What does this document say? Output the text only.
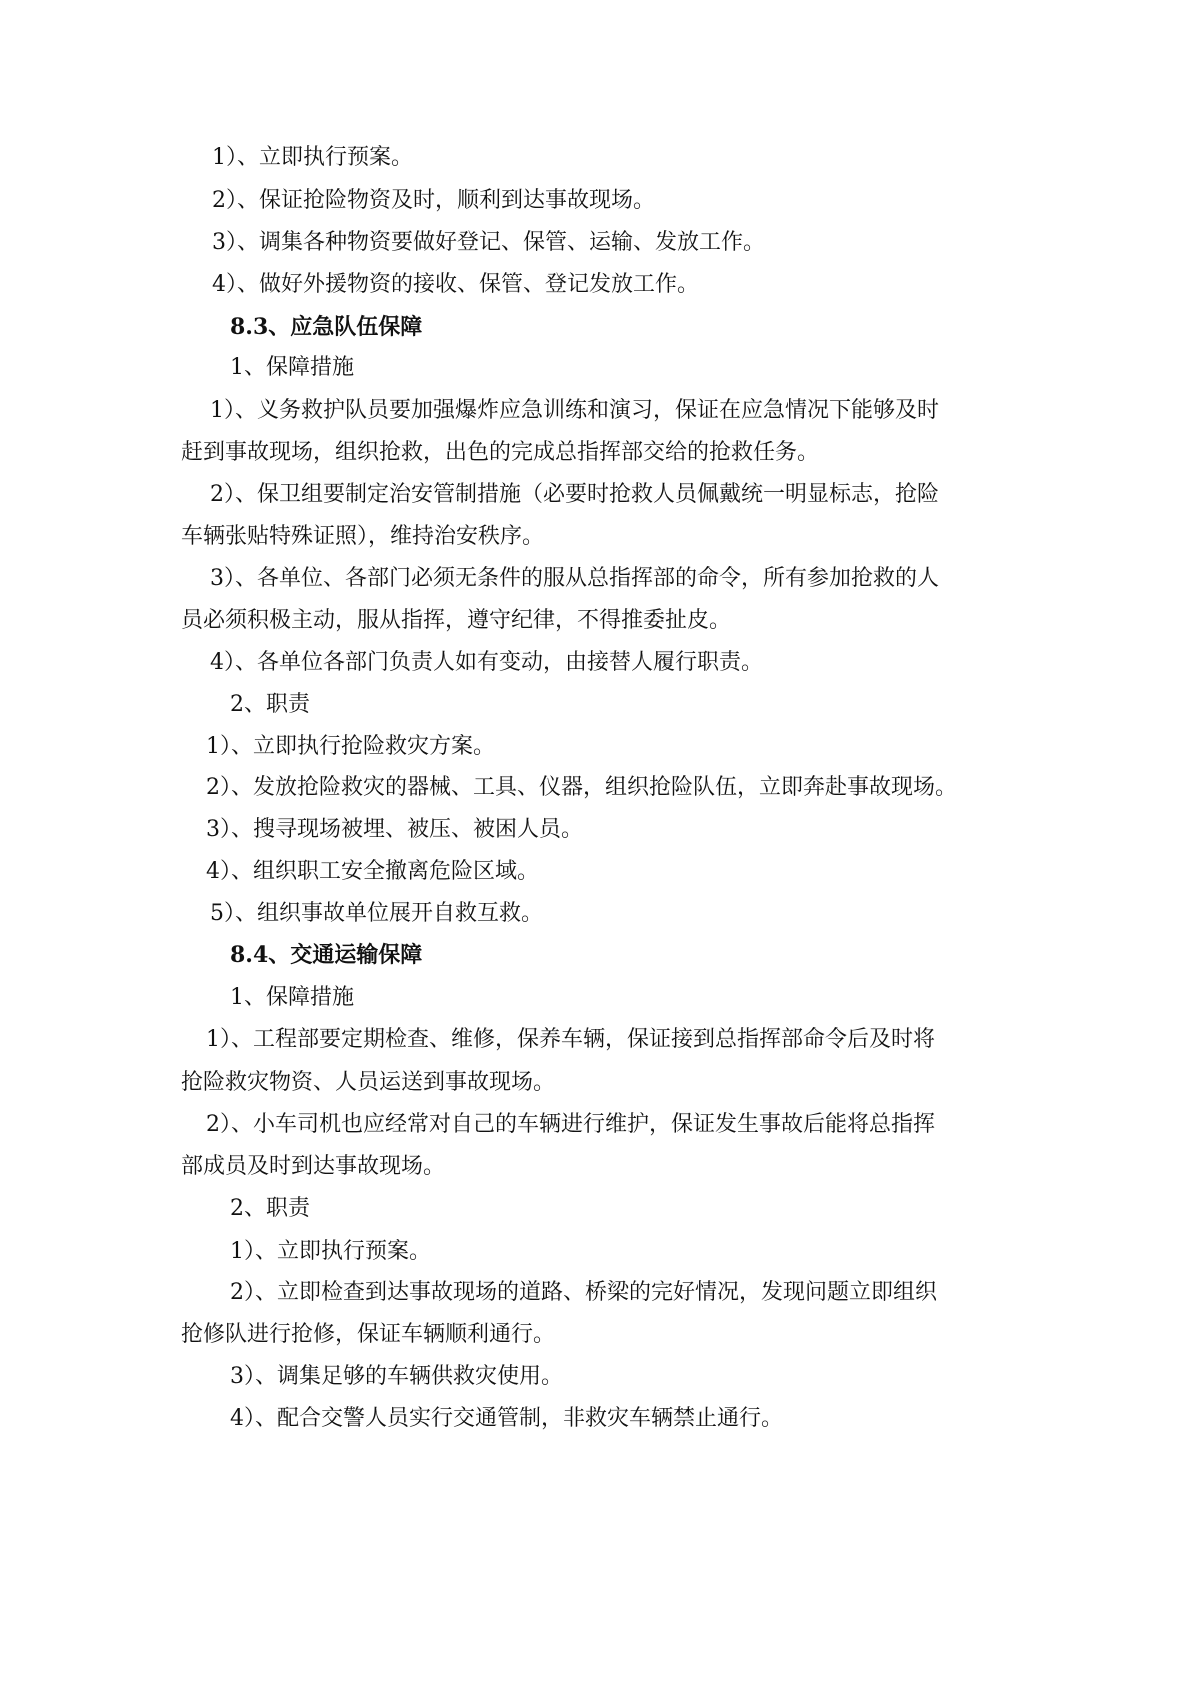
1）、立即执行预案。
2）、保证抢险物资及时，顺利到达事故现场。
3）、调集各种物资要做好登记、保管、运输、发放工作。
4）、做好外援物资的接收、保管、登记发放工作。
8.3、应急队伍保障
1、保障措施
1）、义务救护队员要加强爆炸应急训练和演习，保证在应急情况下能够及时
赶到事故现场，组织抢救，出色的完成总指挥部交给的抢救任务。
2）、保卫组要制定治安管制措施（必要时抢救人员佩戴统一明显标志，抢险
车辆张贴特殊证照），维持治安秩序。
3）、各单位、各部门必须无条件的服从总指挥部的命令，所有参加抢救的人
员必须积极主动，服从指挥，遵守纪律，不得推委扯皮。
4）、各单位各部门负责人如有变动，由接替人履行职责。
2、职责
1）、立即执行抢险救灾方案。
2）、发放抢险救灾的器械、工具、仪器，组织抢险队伍，立即奔赴事故现场。
3）、搜寻现场被埋、被压、被困人员。
4）、组织职工安全撤离危险区域。
5）、组织事故单位展开自救互救。
8.4、交通运输保障
1、保障措施
1）、工程部要定期检查、维修，保养车辆，保证接到总指挥部命令后及时将
抢险救灾物资、人员运送到事故现场。
2）、小车司机也应经常对自己的车辆进行维护，保证发生事故后能将总指挥
部成员及时到达事故现场。
2、职责
1）、立即执行预案。
2）、立即检查到达事故现场的道路、桥梁的完好情况，发现问题立即组织
抢修队进行抢修，保证车辆顺利通行。
3）、调集足够的车辆供救灾使用。
4）、配合交警人员实行交通管制，非救灾车辆禁止通行。
